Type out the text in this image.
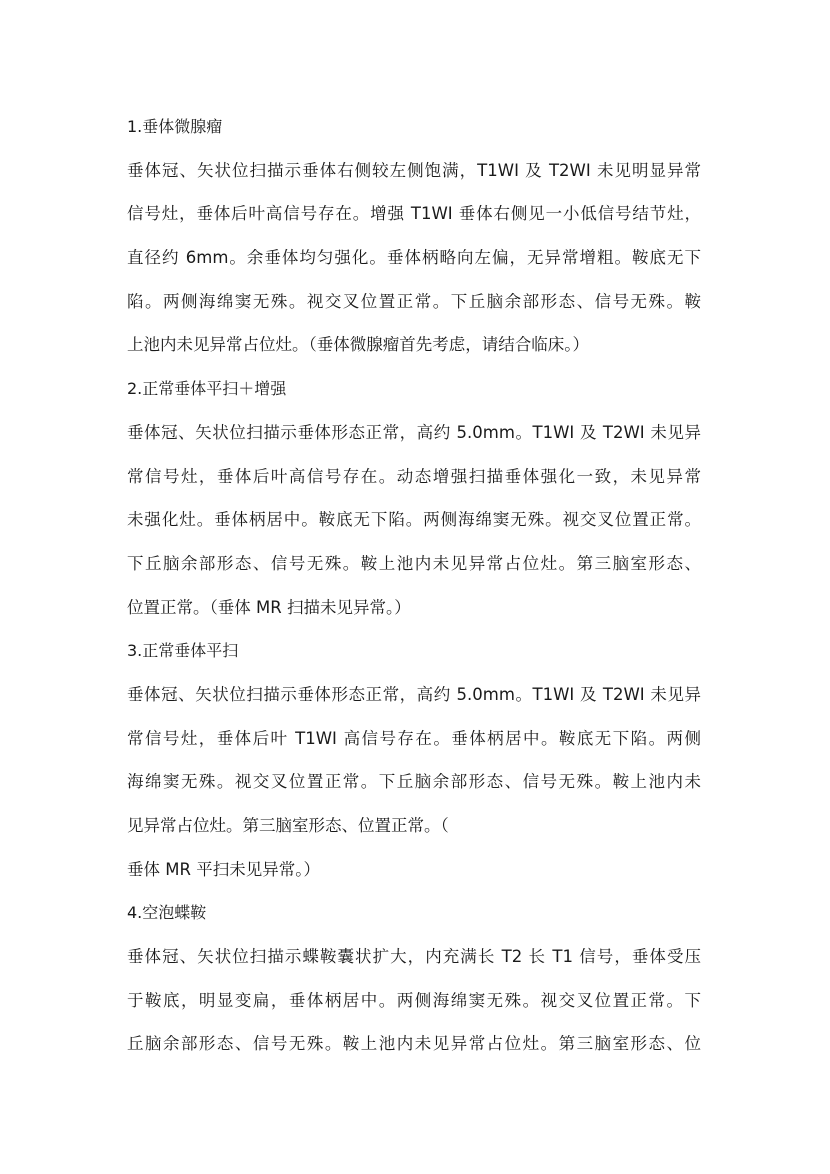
1.垂体微腺瘤
垂体冠、矢状位扫描示垂体右侧较左侧饱满，T1WI 及 T2WI 未见明显异常
信号灶，垂体后叶高信号存在。增强 T1WI 垂体右侧见一小低信号结节灶，
直径约 6mm。余垂体均匀强化。垂体柄略向左偏，无异常增粗。鞍底无下
陷。两侧海绵窦无殊。视交叉位置正常。下丘脑余部形态、信号无殊。鞍
上池内未见异常占位灶。（垂体微腺瘤首先考虑，请结合临床。）
2.正常垂体平扫＋增强
垂体冠、矢状位扫描示垂体形态正常，高约 5.0mm。T1WI 及 T2WI 未见异
常信号灶，垂体后叶高信号存在。动态增强扫描垂体强化一致，未见异常
未强化灶。垂体柄居中。鞍底无下陷。两侧海绵窦无殊。视交叉位置正常。
下丘脑余部形态、信号无殊。鞍上池内未见异常占位灶。第三脑室形态、
位置正常。（垂体 MR 扫描未见异常。）
3.正常垂体平扫
垂体冠、矢状位扫描示垂体形态正常，高约 5.0mm。T1WI 及 T2WI 未见异
常信号灶，垂体后叶 T1WI 高信号存在。垂体柄居中。鞍底无下陷。两侧
海绵窦无殊。视交叉位置正常。下丘脑余部形态、信号无殊。鞍上池内未
见异常占位灶。第三脑室形态、位置正常。（
垂体 MR 平扫未见异常。）
4.空泡蝶鞍
垂体冠、矢状位扫描示蝶鞍囊状扩大，内充满长 T2 长 T1 信号，垂体受压
于鞍底，明显变扁，垂体柄居中。两侧海绵窦无殊。视交叉位置正常。下
丘脑余部形态、信号无殊。鞍上池内未见异常占位灶。第三脑室形态、位
